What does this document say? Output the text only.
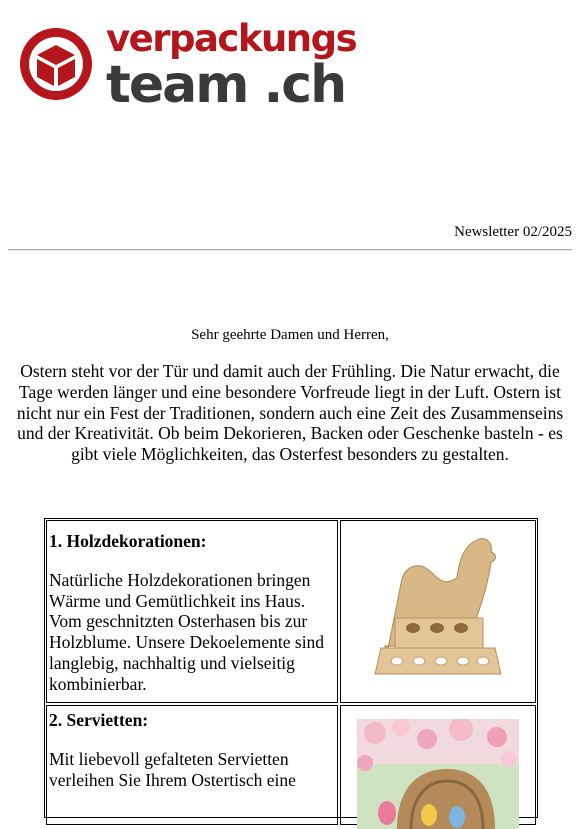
verpackungs
team .ch
Newsletter 02/2025
Sehr geehrte Damen und Herren,
Ostern steht vor der Tür und damit auch der Frühling. Die Natur erwacht, die Tage werden länger und eine besondere Vorfreude liegt in der Luft. Ostern ist nicht nur ein Fest der Traditionen, sondern auch eine Zeit des Zusammenseins und der Kreativität. Ob beim Dekorieren, Backen oder Geschenke basteln - es gibt viele Möglichkeiten, das Osterfest besonders zu gestalten.
1. Holzdekorationen:

Natürliche Holzdekorationen bringen Wärme und Gemütlichkeit ins Haus. Vom geschnitzten Osterhasen bis zur Holzblume. Unsere Dekoelemente sind langlebig, nachhaltig und vielseitig kombinierbar.

2. Servietten:

Mit liebevoll gefalteten Servietten verleihen Sie Ihrem Ostertisch eine
